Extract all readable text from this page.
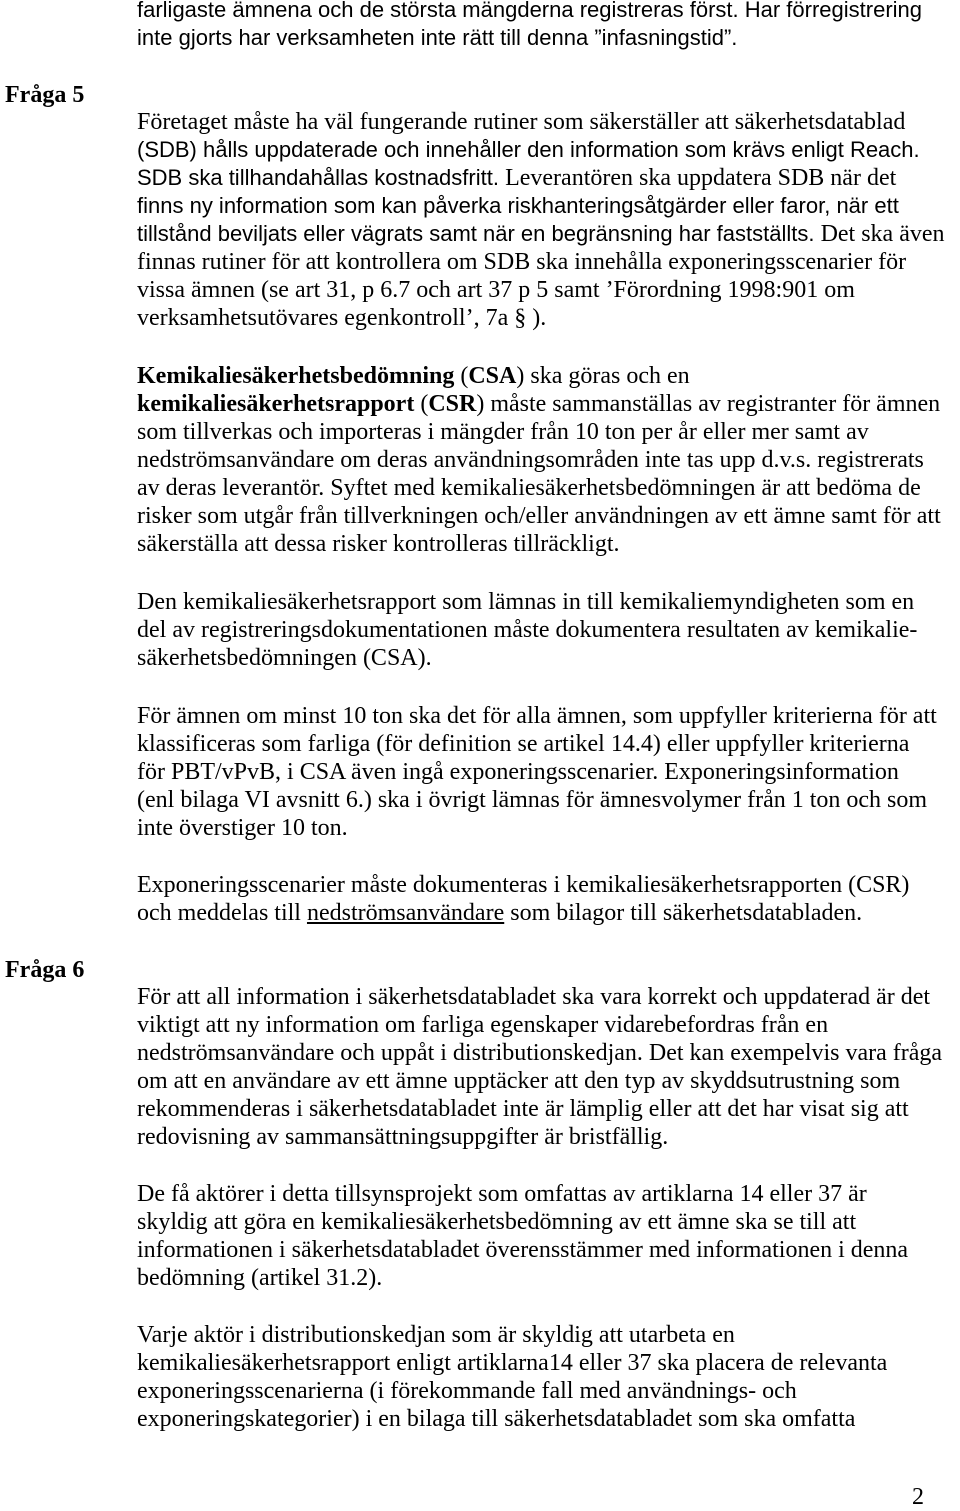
farligaste ämnena och de största mängderna registreras först. Har förregistrering
inte gjorts har verksamheten inte rätt till denna ”infasningstid”.
Fråga 5
Företaget måste ha väl fungerande rutiner som säkerställer att säkerhetsdatablad
(SDB) hålls uppdaterade och innehåller den information som krävs enligt Reach.
SDB ska tillhandahållas kostnadsfritt. Leverantören ska uppdatera SDB när det
finns ny information som kan påverka riskhanteringsåtgärder eller faror, när ett
tillstånd beviljats eller vägrats samt när en begränsning har fastställts. Det ska även
finnas rutiner för att kontrollera om SDB ska innehålla exponeringsscenarier för
vissa ämnen (se art 31, p 6.7 och art 37 p 5 samt ’Förordning 1998:901 om
verksamhetsutövares egenkontroll’, 7a § ).
Kemikaliesäkerhetsbedömning (CSA) ska göras och en
kemikaliesäkerhetsrapport (CSR) måste sammanställas av registranter för ämnen
som tillverkas och importeras i mängder från 10 ton per år eller mer samt av
nedströmsanvändare om deras användningsområden inte tas upp d.v.s. registrerats
av deras leverantör. Syftet med kemikaliesäkerhetsbedömningen är att bedöma de
risker som utgår från tillverkningen och/eller användningen av ett ämne samt för att
säkerställa att dessa risker kontrolleras tillräckligt.
Den kemikaliesäkerhetsrapport som lämnas in till kemikaliemyndigheten som en
del av registreringsdokumentationen måste dokumentera resultaten av kemikalie-
säkerhetsbedömningen (CSA).
För ämnen om minst 10 ton ska det för alla ämnen, som uppfyller kriterierna för att
klassificeras som farliga (för definition se artikel 14.4) eller uppfyller kriterierna
för PBT/vPvB, i CSA även ingå exponeringsscenarier. Exponeringsinformation
(enl bilaga VI avsnitt 6.) ska i övrigt lämnas för ämnesvolymer från 1 ton och som
inte överstiger 10 ton.
Exponeringsscenarier måste dokumenteras i kemikaliesäkerhetsrapporten (CSR)
och meddelas till nedströmsanvändare som bilagor till säkerhetsdatabladen.
Fråga 6
För att all information i säkerhetsdatabladet ska vara korrekt och uppdaterad är det
viktigt att ny information om farliga egenskaper vidarebefordras från en
nedströmsanvändare och uppåt i distributionskedjan. Det kan exempelvis vara fråga
om att en användare av ett ämne upptäcker att den typ av skyddsutrustning som
rekommenderas i säkerhetsdatabladet inte är lämplig eller att det har visat sig att
redovisning av sammansättningsuppgifter är bristfällig.
De få aktörer i detta tillsynsprojekt som omfattas av artiklarna 14 eller 37 är
skyldig att göra en kemikaliesäkerhetsbedömning av ett ämne ska se till att
informationen i säkerhetsdatabladet överensstämmer med informationen i denna
bedömning (artikel 31.2).
Varje aktör i distributionskedjan som är skyldig att utarbeta en
kemikaliesäkerhetsrapport enligt artiklarna14 eller 37 ska placera de relevanta
exponeringsscenarierna (i förekommande fall med användnings- och
exponeringskategorier) i en bilaga till säkerhetsdatabladet som ska omfatta
2
